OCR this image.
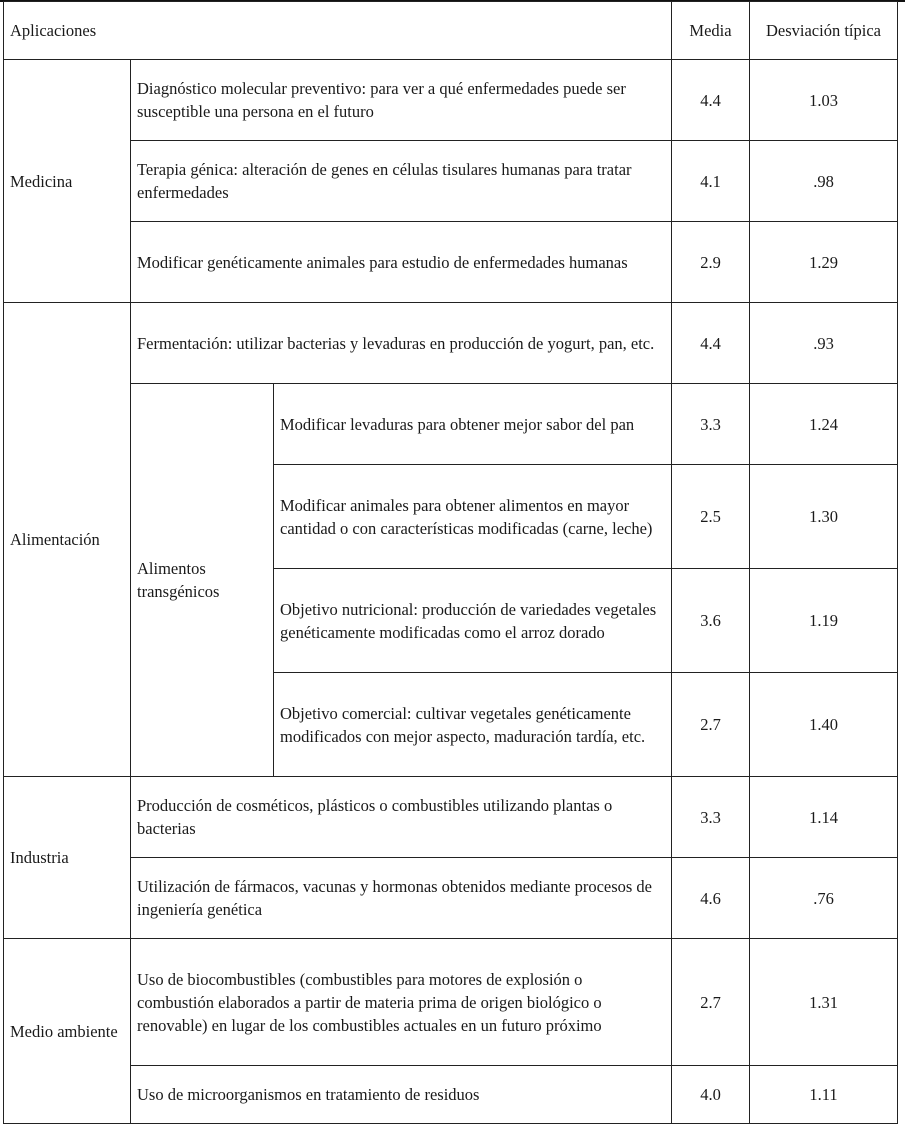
Aplicaciones			Media	Desviación típica
Medicina	Diagnóstico molecular preventivo: para ver a qué enfermedades puede ser susceptible una persona en el futuro		4.4	1.03
	Terapia génica: alteración de genes en células tisulares humanas para tratar enfermedades		4.1	.98
	Modificar genéticamente animales para estudio de enfermedades humanas		2.9	1.29
Alimentación	Fermentación: utilizar bacterias y levaduras en producción de yogurt, pan, etc.		4.4	.93
	Alimentos transgénicos	Modificar levaduras para obtener mejor sabor del pan	3.3	1.24
		Modificar animales para obtener alimentos en mayor cantidad o con características modificadas (carne, leche)	2.5	1.30
		Objetivo nutricional: producción de variedades vegetales genéticamente modificadas como el arroz dorado	3.6	1.19
		Objetivo comercial: cultivar vegetales genéticamente modificados con mejor aspecto, maduración tardía, etc.	2.7	1.40
Industria	Producción de cosméticos, plásticos o combustibles utilizando plantas o bacterias		3.3	1.14
	Utilización de fármacos, vacunas y hormonas obtenidos mediante procesos de ingeniería genética		4.6	.76
Medio ambiente	Uso de biocombustibles (combustibles para motores de explosión o combustión elaborados a partir de materia prima de origen biológico o renovable) en lugar de los combustibles actuales en un futuro próximo		2.7	1.31
	Uso de microorganismos en tratamiento de residuos		4.0	1.11
